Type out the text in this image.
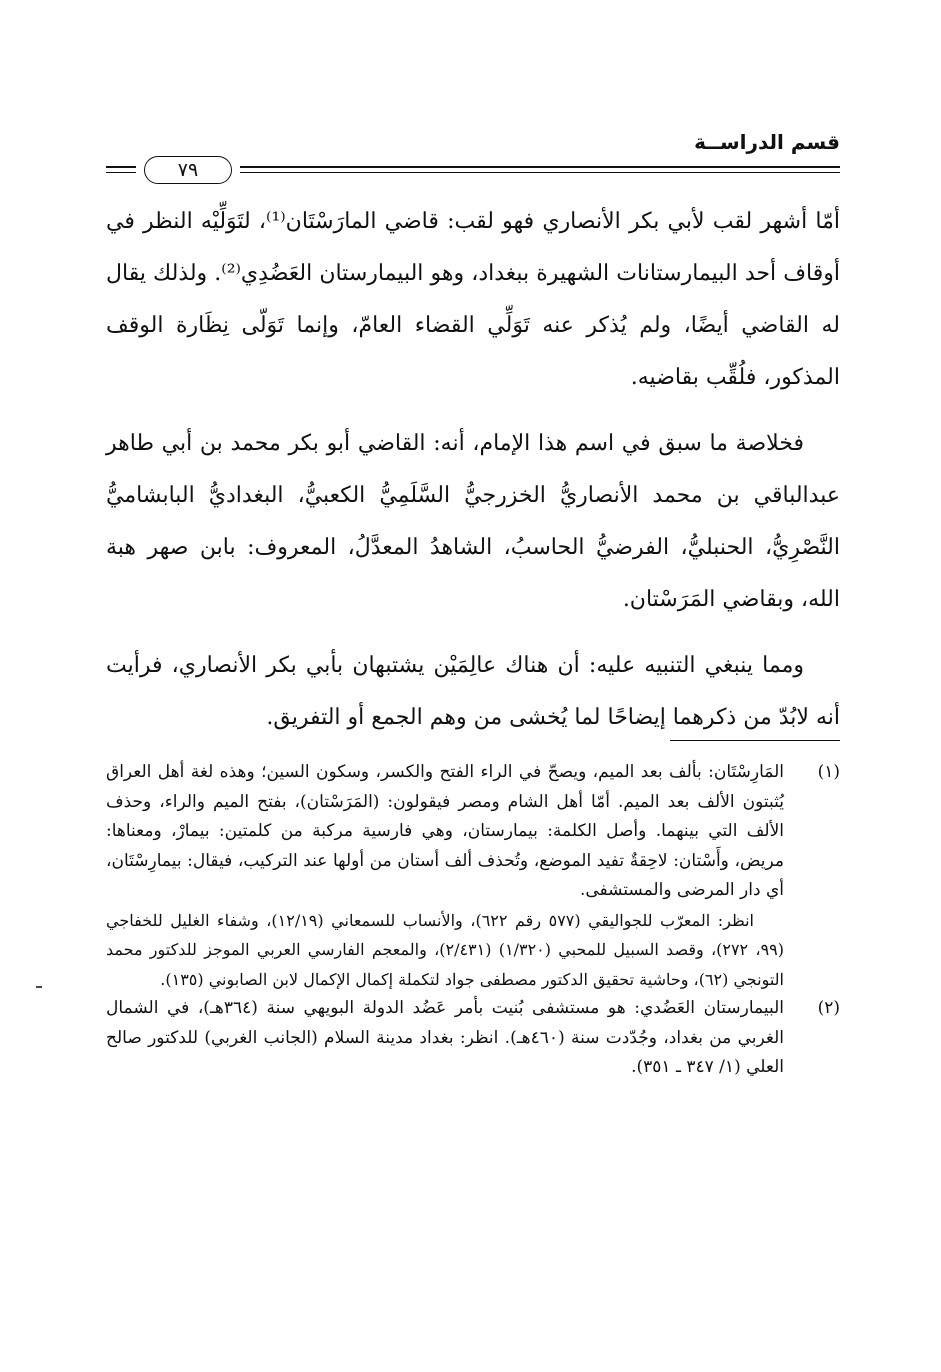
قسم الدراســة
٧٩

أمّا أشهر لقب لأبي بكر الأنصاري فهو لقب: قاضي المارَسْتَان⁽¹⁾، لتَوَلِّيْه النظر في أوقاف أحد البيمارستانات الشهيرة ببغداد، وهو البيمارستان العَضُدِي⁽²⁾. ولذلك يقال له القاضي أيضًا، ولم يُذكر عنه تَوَلِّي القضاء العامّ، وإنما تَوَلّى نِظَارة الوقف المذكور، فلُقِّب بقاضيه.

فخلاصة ما سبق في اسم هذا الإمام، أنه: القاضي أبو بكر محمد بن أبي طاهر عبدالباقي بن محمد الأنصاريُّ الخزرجيُّ السَّلَمِيُّ الكعبيُّ، البغداديُّ البابشاميُّ النَّصْرِيُّ، الحنبليُّ، الفرضيُّ الحاسبُ، الشاهدُ المعدَّلُ، المعروف: بابن صهر هبة الله، وبقاضي المَرَسْتان.

ومما ينبغي التنبيه عليه: أن هناك عالِمَيْن يشتبهان بأبي بكر الأنصاري، فرأيت أنه لابُدّ من ذكرهما إيضاحًا لما يُخشى من وهم الجمع أو التفريق.

(١)

المَارِسْتَان: بألف بعد الميم، ويصحّ في الراء الفتح والكسر، وسكون السين؛ وهذه لغة أهل العراق يُثبتون الألف بعد الميم. أمّا أهل الشام ومصر فيقولون: (المَرَسْتان)، بفتح الميم والراء، وحذف الألف التي بينهما. وأصل الكلمة: بيمارستان، وهي فارسية مركبة من كلمتين: بيمارْ، ومعناها: مريض، وأَسْتان: لاحِقةٌ تفيد الموضع، وتُحذف ألف أستان من أولها عند التركيب، فيقال: بيمارِسْتَان، أي دار المرضى والمستشفى.

انظر: المعرّب للجواليقي (٥٧٧ رقم ٦٢٢)، والأنساب للسمعاني (١٢/١٩)، وشفاء الغليل للخفاجي (٩٩، ٢٧٢)، وقصد السبيل للمحبي (١/٣٢٠) (٢/٤٣١)، والمعجم الفارسي العربي الموجز للدكتور محمد التونجي (٦٢)، وحاشية تحقيق الدكتور مصطفى جواد لتكملة إكمال الإكمال لابن الصابوني (١٣٥).

(٢)

البيمارستان العَضُدي: هو مستشفى بُنيت بأمر عَضُد الدولة البويهي سنة (٣٦٤هـ)، في الشمال الغربي من بغداد، وجُدّدت سنة (٤٦٠هـ). انظر: بغداد مدينة السلام (الجانب الغربي) للدكتور صالح العلي (١/ ٣٤٧ ـ ٣٥١).
